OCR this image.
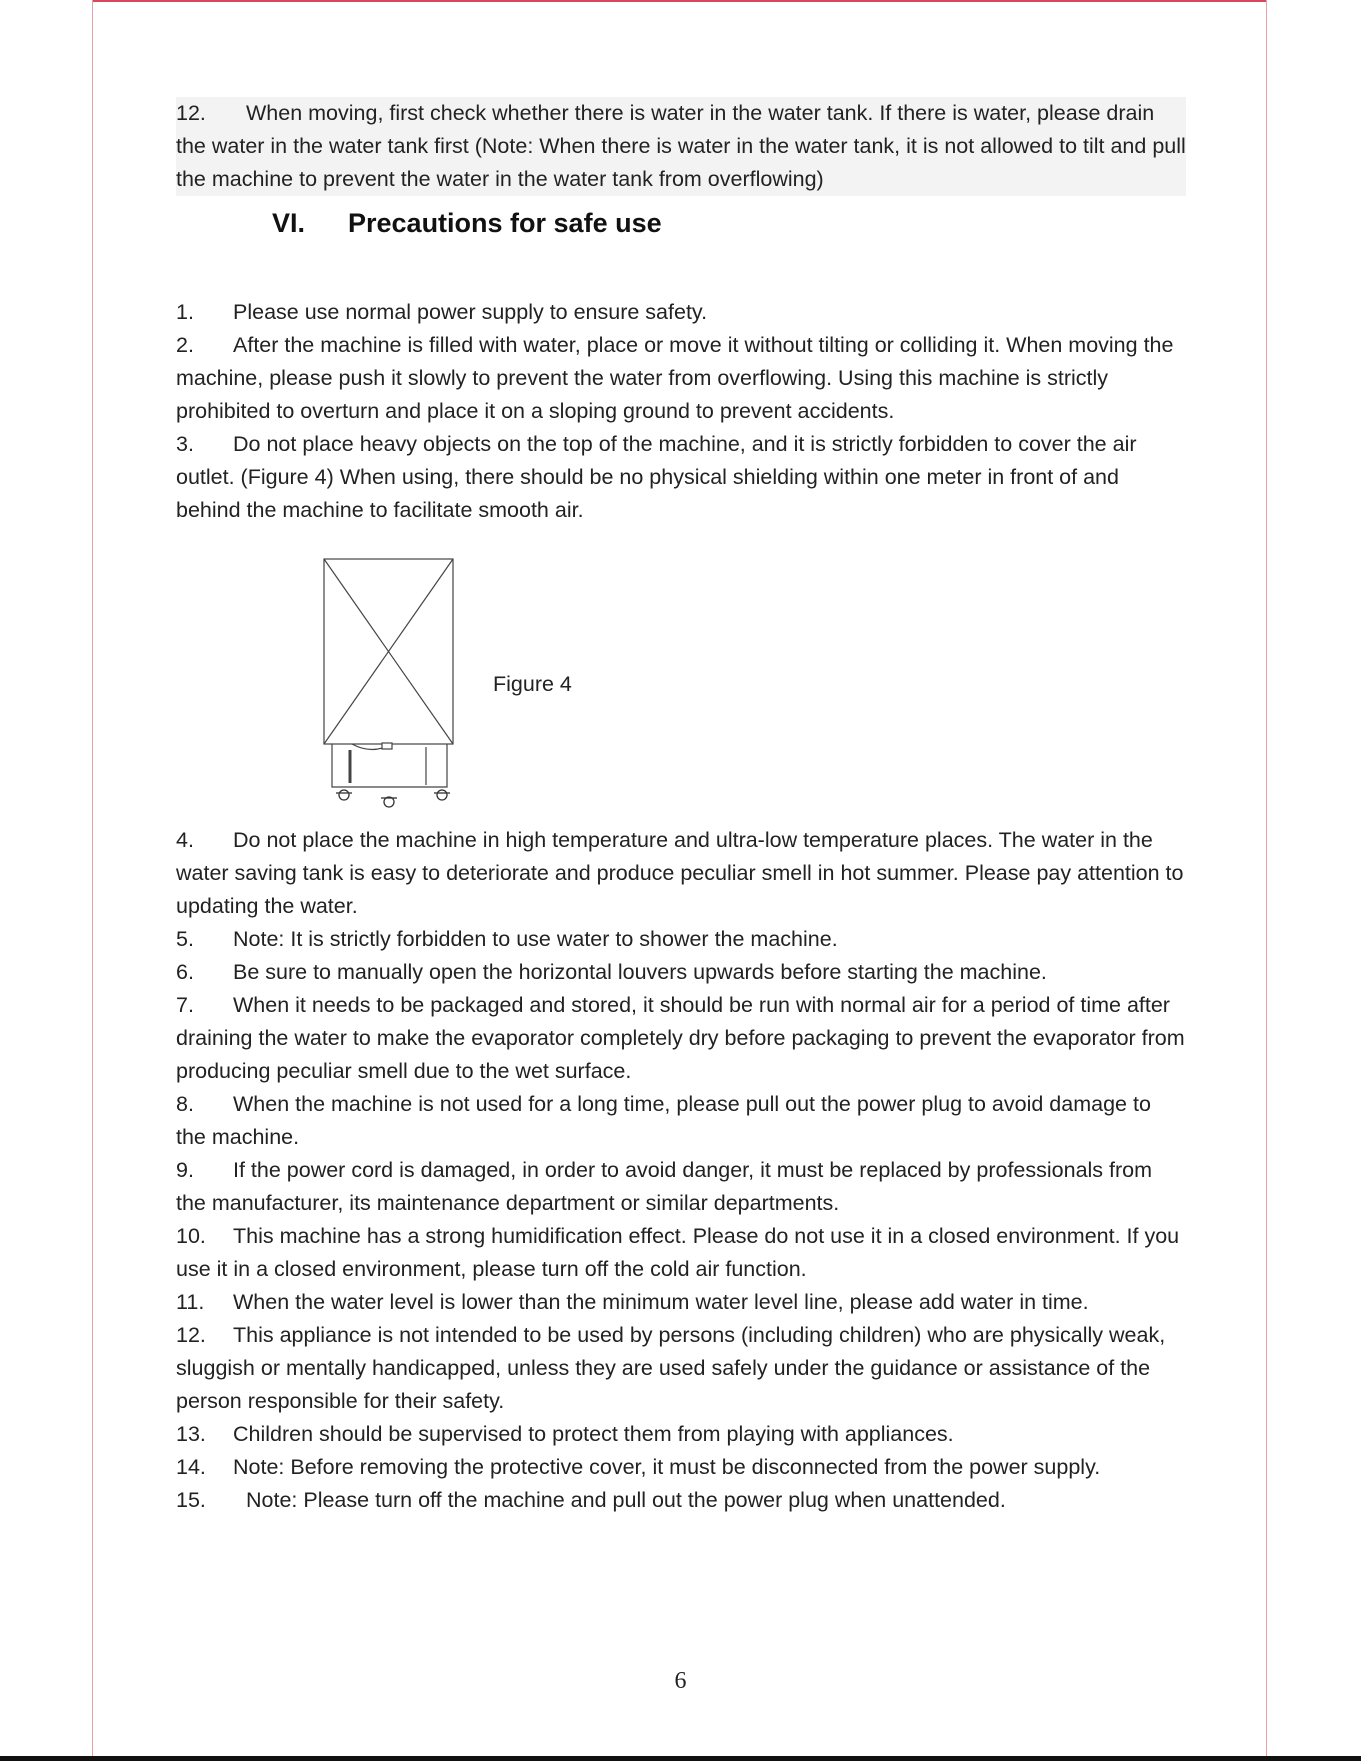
12. When moving, first check whether there is water in the water tank. If there is water, please drain the water in the water tank first (Note: When there is water in the water tank, it is not allowed to tilt and pull the machine to prevent the water in the water tank from overflowing)

VI. Precautions for safe use

1. Please use normal power supply to ensure safety.

2. After the machine is filled with water, place or move it without tilting or colliding it. When moving the machine, please push it slowly to prevent the water from overflowing. Using this machine is strictly prohibited to overturn and place it on a sloping ground to prevent accidents.

3. Do not place heavy objects on the top of the machine, and it is strictly forbidden to cover the air outlet. (Figure 4) When using, there should be no physical shielding within one meter in front of and behind the machine to facilitate smooth air.

Figure 4

4. Do not place the machine in high temperature and ultra-low temperature places. The water in the water saving tank is easy to deteriorate and produce peculiar smell in hot summer. Please pay attention to updating the water.

5. Note: It is strictly forbidden to use water to shower the machine.

6. Be sure to manually open the horizontal louvers upwards before starting the machine.

7. When it needs to be packaged and stored, it should be run with normal air for a period of time after draining the water to make the evaporator completely dry before packaging to prevent the evaporator from producing peculiar smell due to the wet surface.

8. When the machine is not used for a long time, please pull out the power plug to avoid damage to the machine.

9. If the power cord is damaged, in order to avoid danger, it must be replaced by professionals from the manufacturer, its maintenance department or similar departments.

10. This machine has a strong humidification effect. Please do not use it in a closed environment. If you use it in a closed environment, please turn off the cold air function.

11. When the water level is lower than the minimum water level line, please add water in time.

12. This appliance is not intended to be used by persons (including children) who are physically weak, sluggish or mentally handicapped, unless they are used safely under the guidance or assistance of the person responsible for their safety.

13. Children should be supervised to protect them from playing with appliances.

14. Note: Before removing the protective cover, it must be disconnected from the power supply.

15. Note: Please turn off the machine and pull out the power plug when unattended.

6
